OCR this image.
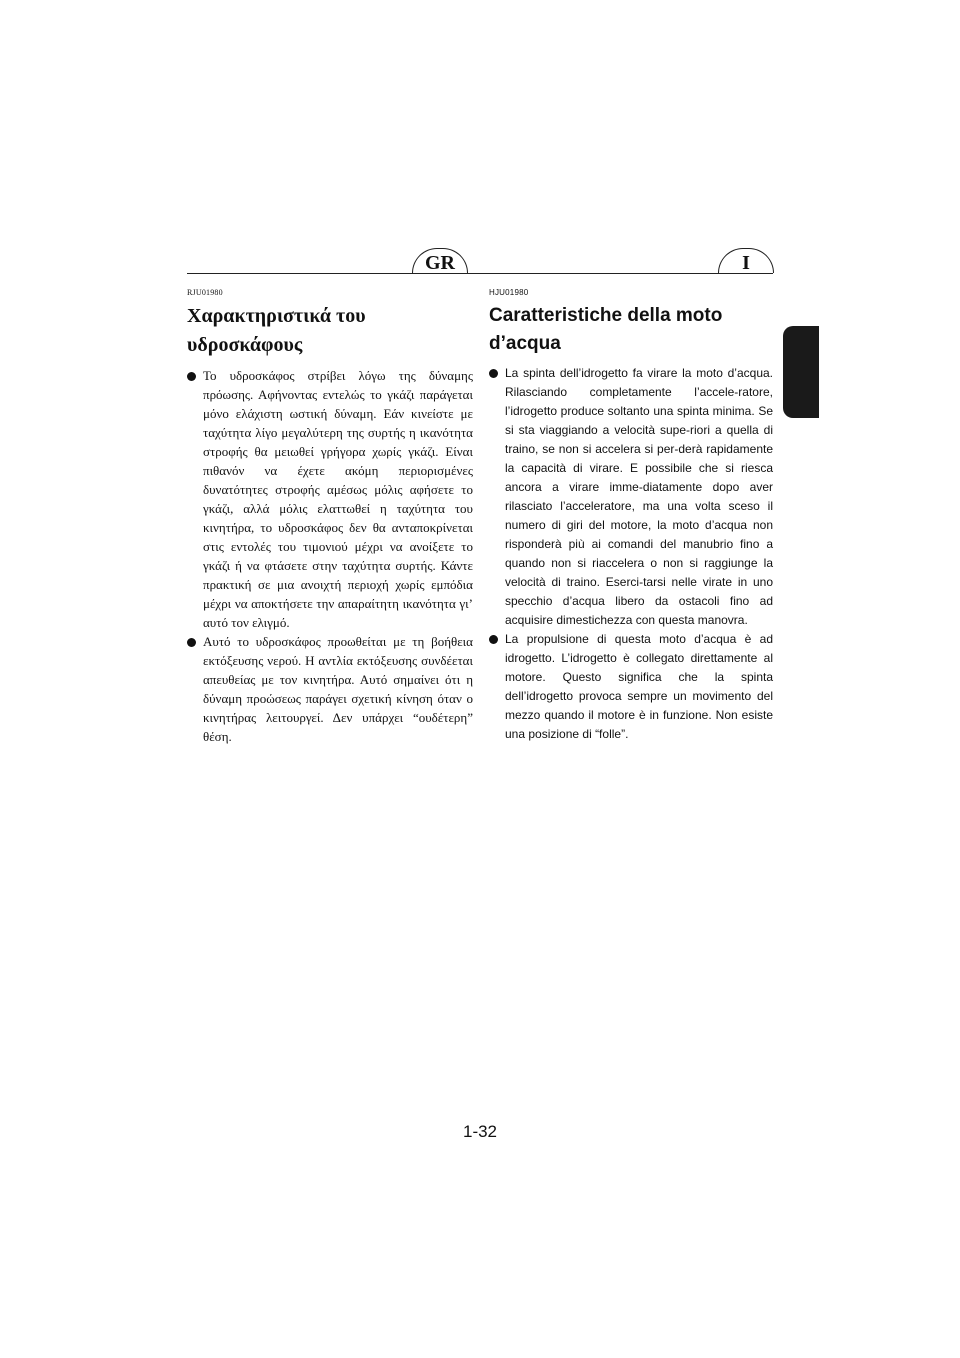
GR	I
RJU01980
Χαρακτηριστικά του υδροσκάφους
Το υδροσκάφος στρίβει λόγω της δύναμης πρόωσης. Αφήνοντας εντελώς το γκάζι παράγεται μόνο ελάχιστη ωστική δύναμη. Εάν κινείστε με ταχύτητα λίγο μεγαλύτερη της συρτής η ικανότητα στροφής θα μειωθεί γρήγορα χωρίς γκάζι. Είναι πιθανόν να έχετε ακόμη περιορισμένες δυνατότητες στροφής αμέσως μόλις αφήσετε το γκάζι, αλλά μόλις ελαττωθεί η ταχύτητα του κινητήρα, το υδροσκάφος δεν θα ανταποκρίνεται στις εντολές του τιμονιού μέχρι να ανοίξετε το γκάζι ή να φτάσετε στην ταχύτητα συρτής. Κάντε πρακτική σε μια ανοιχτή περιοχή χωρίς εμπόδια μέχρι να αποκτήσετε την απαραίτητη ικανότητα γι’ αυτό τον ελιγμό.
Αυτό το υδροσκάφος προωθείται με τη βοήθεια εκτόξευσης νερού. Η αντλία εκτόξευσης συνδέεται απευθείας με τον κινητήρα. Αυτό σημαίνει ότι η δύναμη προώσεως παράγει σχετική κίνηση όταν ο κινητήρας λειτουργεί. Δεν υπάρχει “ουδέτερη” θέση.
HJU01980
Caratteristiche della moto d’acqua
La spinta dell’idrogetto fa virare la moto d’acqua. Rilasciando completamente l’accele-ratore, l’idrogetto produce soltanto una spinta minima. Se si sta viaggiando a velocità supe-riori a quella di traino, se non si accelera si per-derà rapidamente la capacità di virare. E possibile che si riesca ancora a virare imme-diatamente dopo aver rilasciato l’acceleratore, ma una volta sceso il numero di giri del motore, la moto d’acqua non risponderà più ai comandi del manubrio fino a quando non si riaccelera o non si raggiunge la velocità di traino. Eserci-tarsi nelle virate in uno specchio d’acqua libero da ostacoli fino ad acquisire dimestichezza con questa manovra.
La propulsione di questa moto d’acqua è ad idrogetto. L’idrogetto è collegato direttamente al motore. Questo significa che la spinta dell’idrogetto provoca sempre un movimento del mezzo quando il motore è in funzione. Non esiste una posizione di “folle”.
1-32
